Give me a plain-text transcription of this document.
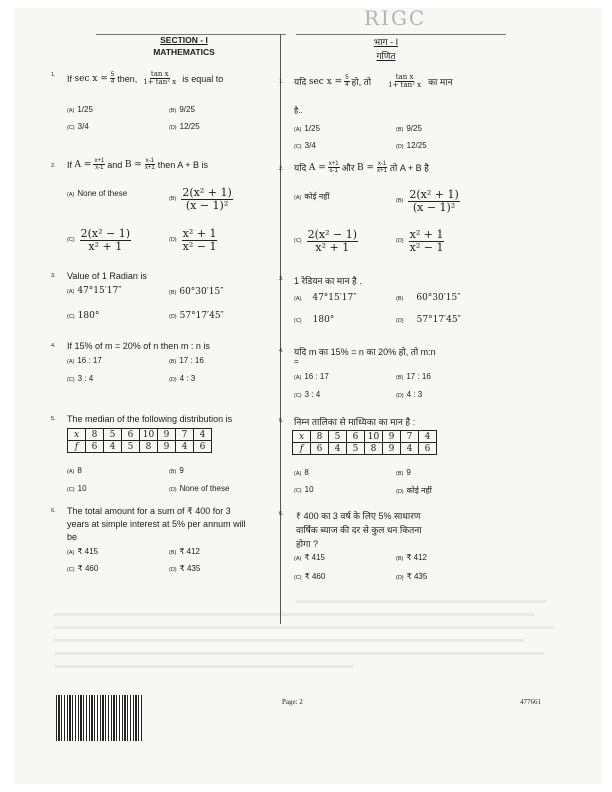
RIGC
SECTION - I
MATHEMATICS
भाग - I
गणित
1. If
$\sec x = \frac{5}{4}$ then, $\frac{\text{tan x}}{\text{1+ tan² x}}$ is equal to
(A) 1/25	(B) 9/25
(C) 3/4	(D) 12/25
1. यदि
$\sec x = \frac{5}{4}$ हो, तो $\frac{\text{tan x}}{\text{1+ tan² x}}$ का मान
है..
(A) 1/25	(B) 9/25
(C) 3/4	(D) 12/25
2. If
$A = \frac{x+1}{x-1}$ and
$B = \frac{x-1}{x+1}$ then A + B is
(A) None of these
$(B) \frac{\text{2(x² + 1)}}{\text{(x − 1)²}}$
$(C) \frac{\text{2(x² − 1)}}{\text{x² + 1}}$	$(D) \frac{\text{x² + 1}}{\text{x² − 1}}$
2. यदि
$A = \frac{x+1}{x-1}$ और
$B = \frac{x-1}{x+1}$ तो A + B है
(A) कोई नहीं
$(B) \frac{\text{2(x² + 1)}}{\text{(x − 1)²}}$
$(C) \frac{\text{2(x² − 1)}}{\text{x² + 1}}$	$(D) \frac{\text{x² + 1}}{\text{x² − 1}}$
3. Value of 1 Radian is
(A) 47°15′17″	(B) 60°30′15″
(C) 180°	(D) 57°17′45″
3. 1 रेडियन का मान है .
(A) 47°15′17″	(B) 60°30′15″
(C) 180°	(D) 57°17′45″
4. If 15% of m = 20% of n then m : n is
(A) 16 : 17	(B) 17 : 16
(C) 3 : 4	(D) 4 : 3
4. यदि m का 15% = n का 20% हो, तो m:n
=
(A) 16 : 17	(B) 17 : 16
(C) 3 : 4	(D) 4 : 3
5. The median of the following distribution is
x	8	5	6	10	9	7	4
f	6	4	5	8	9	4	6
(A) 8	(B) 9
(C) 10	(D) None of these
5. निम्न तालिका से माध्यिका का मान है :
x	8	5	6	10	9	7	4
f	6	4	5	8	9	4	6
(A) 8	(B) 9
(C) 10	(D) कोई नहीं
6. The total amount for a sum of ₹ 400 for 3
years at simple interest at 5% per annum will
be
(A) ₹ 415	(B) ₹ 412
(C) ₹ 460	(D) ₹ 435
6. ₹ 400 का 3 वर्ष के लिए 5% साधारण
वार्षिक ब्याज की दर से कुल धन कितना
होगा ?
(A) ₹ 415	(B) ₹ 412
(C) ₹ 460	(D) ₹ 435
Page: 2	477661
